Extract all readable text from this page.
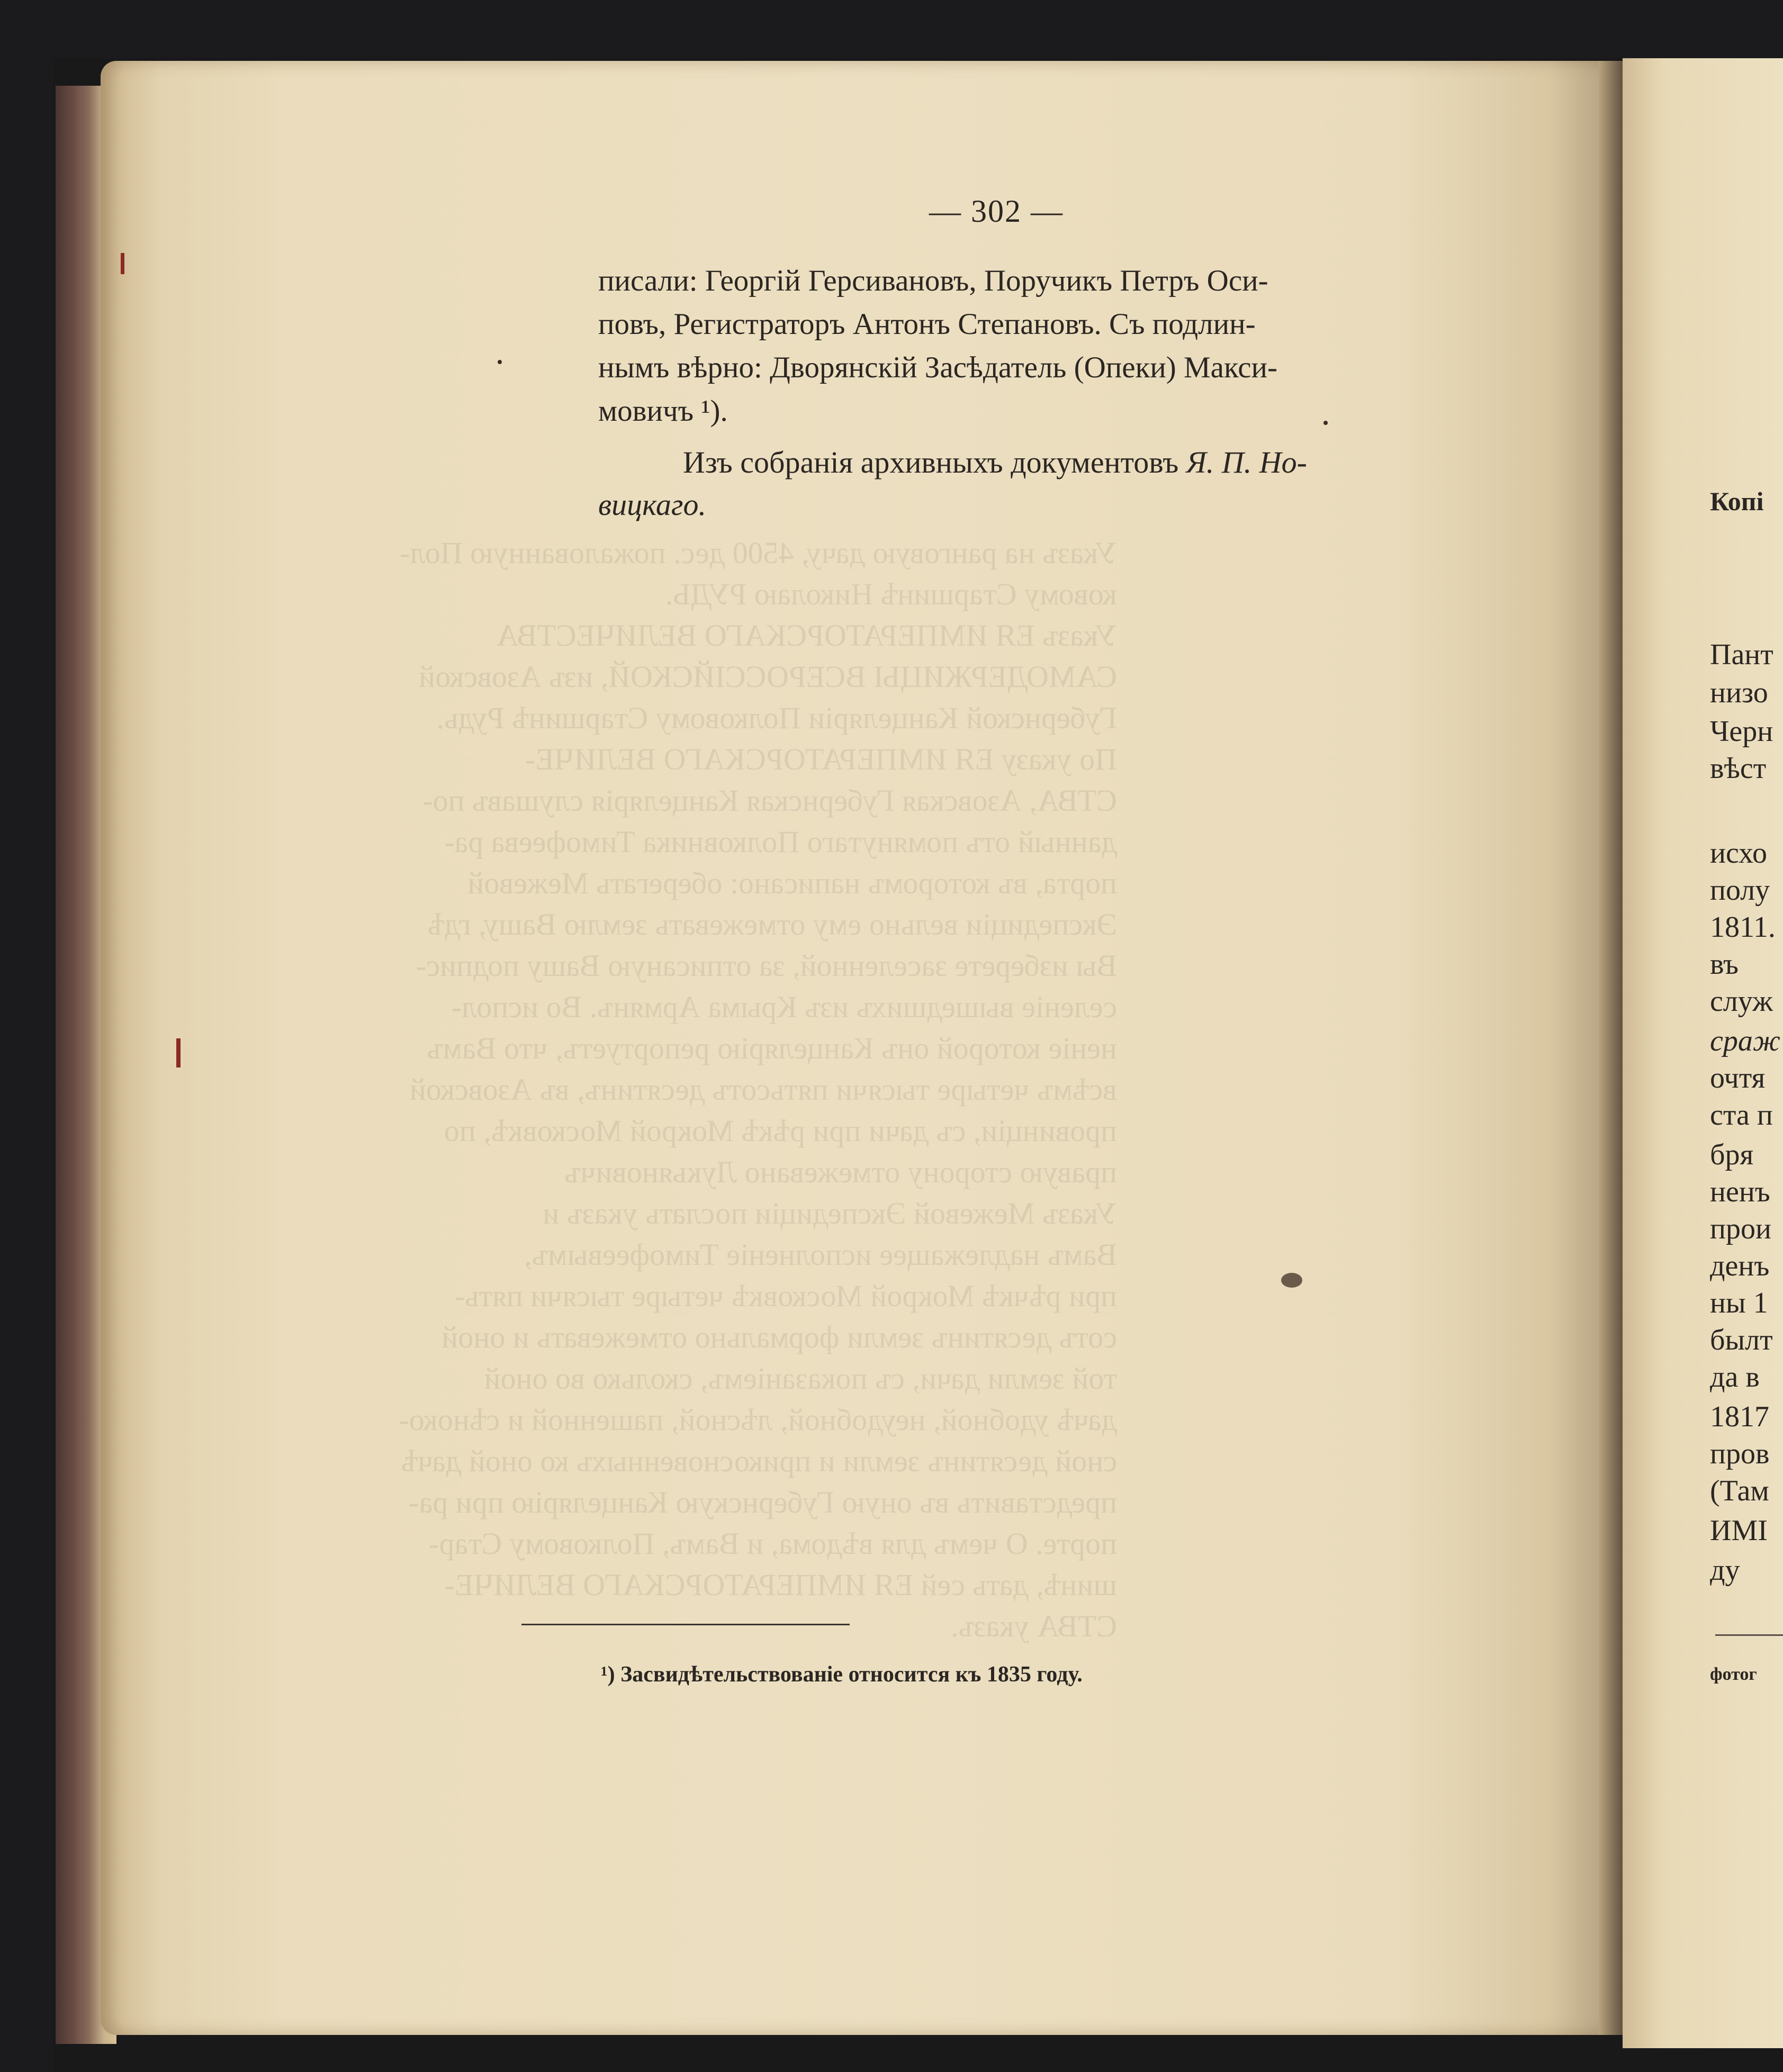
Указъ на ранговую дачу, 4500 дес. пожалованную Пол-
ковому Старшинѣ Николаю РУДЬ.
Указъ ЕЯ ИМПЕРАТОРСКАГО ВЕЛИЧЕСТВА
САМОДЕРЖИЦЫ ВСЕРОССІЙСКОЙ, изъ Азовской
Губернской Канцеляріи Полковому Старшинѣ Рудь.
По указу ЕЯ ИМПЕРАТОРСКАГО ВЕЛИЧЕ-
СТВА, Азовская Губернская Канцелярія слушавъ по-
данный отъ помянутаго Полковника Тимофеева ра-
порта, въ которомъ написано: оберегать Межевой
Экспедиціи вельно ему отмежевать землю Вашу, гдѣ
Вы изберете заселенной, за отписаную Вашу подпис-
селеніе вышедшихъ изъ Крыма Армянъ. Во испол-
неніе которой онъ Канцелярію репортуетъ, что Вамъ
всѣмъ четыре тысячи пятьсотъ десятинъ, въ Азовской
провинціи, съ дачи при рѣкѣ Мокрой Московкѣ, по
правую сторону отмежевано Лукьяновичъ
Указъ Межевой Экспедиціи послать указъ и
Вамъ надлежащее исполненіе Тимофеевымъ,
при рѣчкѣ Мокрой Московкѣ четыре тысячи пять-
сотъ десятинъ земли формально отмежевать и оной
той земли дачи, съ показаніемъ, сколько во оной
дачѣ удобной, неудобной, лѣсной, пашенной и сѣноко-
сной десятинъ земли и прикосновенныхъ ко оной дачѣ
представить въ оную Губернскую Канцелярію при ра-
порте. О чемъ для вѣдома, и Вамъ, Полковому Стар-
шинѣ, дать сей ЕЯ ИМПЕРАТОРСКАГО ВЕЛИЧЕ-
СТВА указъ.
— 302 —
писали: Георгій Герсивановъ, Поручикъ Петръ Оси-
повъ, Регистраторъ Антонъ Степановъ. Съ подлин-
нымъ вѣрно: Дворянскій Засѣдатель (Опеки) Макси-
мовичъ ¹).
Изъ собранія архивныхъ документовъ Я. П. Но-
вицкаго.
¹) Засвидѣтельствованіе относится къ 1835 году.
Копі
Пант
низо
Черн
вѣст
исхо
полу
1811.
въ
служ
сраж
очтя
ста п
бря
ненъ
прои
денъ
ны 1
былт
да в
1817
пров
(Там
ИМІ
ду
фотог
